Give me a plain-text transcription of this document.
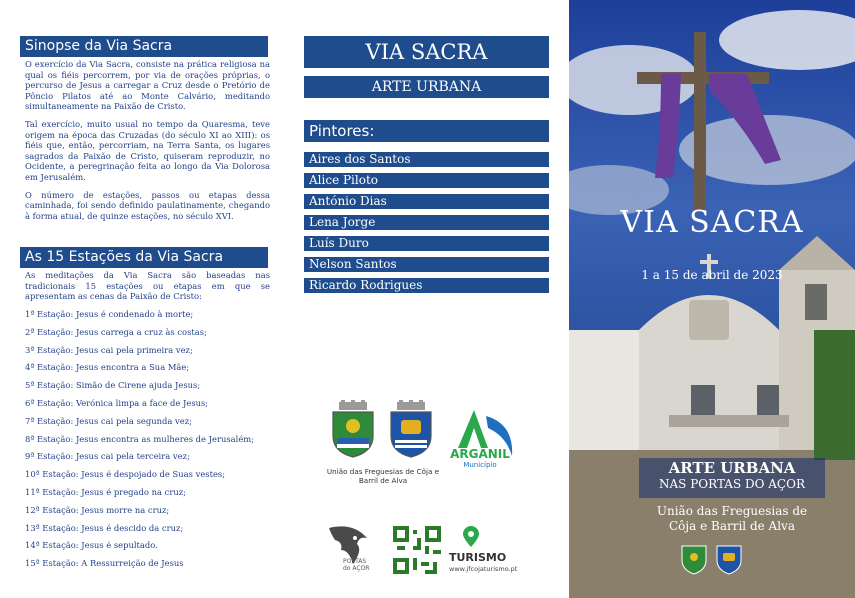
Sinopse da Via Sacra

O exercício da Via Sacra, consiste na prática religiosa na qual os fiéis percorrem, por via de orações próprias, o percurso de Jesus a carregar a Cruz desde o Pretório de Pôncio Pilatos até ao Monte Calvário, meditando simultaneamente na Paixão de Cristo.

Tal exercício, muito usual no tempo da Quaresma, teve origem na época das Cruzadas (do século XI ao XIII): os fiéis que, então, percorriam, na Terra Santa, os lugares sagrados da Paixão de Cristo, quiseram reproduzir, no Ocidente, a peregrinação feita ao longo da Via Dolorosa em Jerusalém.

O número de estações, passos ou etapas dessa caminhada, foi sendo definido paulatinamente, chegando à forma atual, de quinze estações, no século XVI.

As 15 Estações da Via Sacra
As meditações da Via Sacra são baseadas nas tradicionais 15 estações ou etapas em que se apresentam as cenas da Paixão de Cristo:
1ª Estação: Jesus é condenado à morte;
2ª Estação: Jesus carrega a cruz às costas;
3ª Estação: Jesus cai pela primeira vez;
4ª Estação: Jesus encontra a Sua Mãe;
5ª Estação: Simão de Cirene ajuda Jesus;
6ª Estação: Verónica limpa a face de Jesus;
7ª Estação: Jesus cai pela segunda vez;
8ª Estação: Jesus encontra as mulheres de Jerusalém;
9ª Estação: Jesus cai pela terceira vez;
10ª Estação: Jesus é despojado de Suas vestes;
11ª Estação: Jesus é pregado na cruz;
12ª Estação: Jesus morre na cruz;
13ª Estação: Jesus é descido da cruz;
14ª Estação: Jesus é sepultado.
15ª Estação: A Ressurreição de Jesus
VIA SACRA
ARTE URBANA
Pintores:
Aires dos Santos
Alice Piloto
António Dias
Lena Jorge
Luís Duro
Nelson Santos
Ricardo Rodrigues
União das Freguesias de Côja e Barril de Alva
ARGANIL
Município
PORTAS do AÇOR
TURISMO
www.jfcojaturismo.pt
VIA SACRA
1 a 15 de abril de 2023
ARTE URBANA
NAS PORTAS DO AÇOR
União das Freguesias de
Côja e Barril de Alva
